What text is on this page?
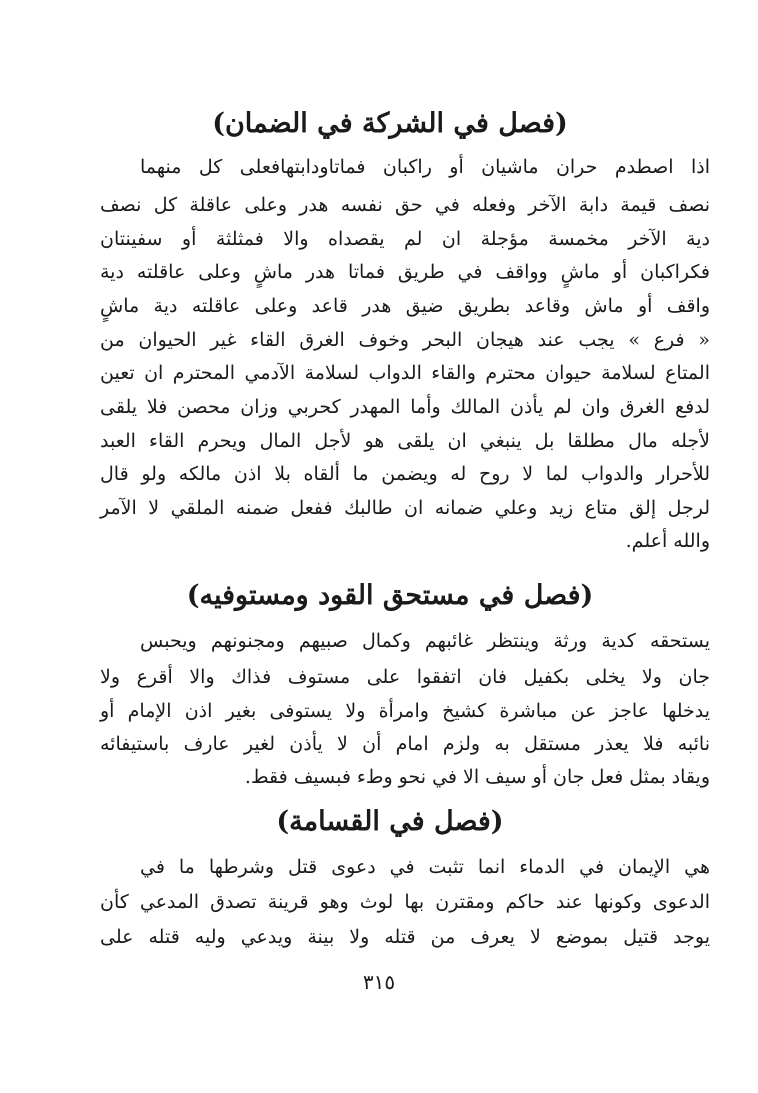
(فصل في الشركة في الضمان)
اذا اصطدم حران ماشيان أو راكبان فماتاودابتهافعلى كل منهما
نصف قيمة دابة الآخر وفعله في حق نفسه هدر وعلى عاقلة كل نصف
دية الآخر مخمسة مؤجلة ان لم يقصداه والا فمثلثة أو سفينتان
فكراكبان أو ماشٍ وواقف في طريق فماتا هدر ماشٍ وعلى عاقلته دية
واقف أو ماش وقاعد بطريق ضيق هدر قاعد وعلى عاقلته دية ماشٍ
« فرع » يجب عند هيجان البحر وخوف الغرق القاء غير الحيوان من
المتاع لسلامة حيوان محترم والقاء الدواب لسلامة الآدمي المحترم ان تعين
لدفع الغرق وان لم يأذن المالك وأما المهدر كحربي وزان محصن فلا يلقى
لأجله مال مطلقا بل ينبغي ان يلقى هو لأجل المال ويحرم القاء العبد
للأحرار والدواب لما لا روح له ويضمن ما ألقاه بلا اذن مالكه ولو قال
لرجل إلق متاع زيد وعلي ضمانه ان طالبك ففعل ضمنه الملقي لا الآمر
والله أعلم.
(فصل في مستحق القود ومستوفيه)
يستحقه كدية ورثة وينتظر غائبهم وكمال صبيهم ومجنونهم ويحبس
جان ولا يخلى بكفيل فان اتفقوا على مستوف فذاك والا أقرع ولا
يدخلها عاجز عن مباشرة كشيخ وامرأة ولا يستوفى بغير اذن الإمام أو
نائبه فلا يعذر مستقل به ولزم امام أن لا يأذن لغير عارف باستيفائه
ويقاد بمثل فعل جان أو سيف الا في نحو وطء فبسيف فقط.
(فصل في القسامة)
هي الإيمان في الدماء انما تثبت في دعوى قتل وشرطها ما في
الدعوى وكونها عند حاكم ومقترن بها لوث وهو قرينة تصدق المدعي كأن
يوجد قتيل بموضع لا يعرف من قتله ولا بينة ويدعي وليه قتله على
٣١٥
